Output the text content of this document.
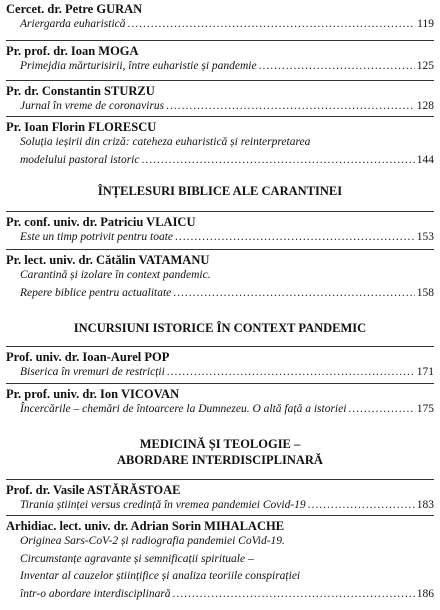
Cercet. dr. Petre GURAN
Ariergarda euharistică .....	119
Pr. prof. dr. Ioan MOGA
Primejdia mărturisirii, între euharistie și pandemie .....	125
Pr. dr. Constantin STURZU
Jurnal în vreme de coronavirus .....	128
Pr. Ioan Florin FLORESCU
Soluția ieșirii din criză: cateheza euharistică și reinterpretarea
modelului pastoral istoric .....	144
ÎNȚELESURI BIBLICE ALE CARANTINEI
Pr. conf. univ. dr. Patriciu VLAICU
Este un timp potrivit pentru toate .....	153
Pr. lect. univ. dr. Cătălin VATAMANU
Carantină și izolare în context pandemic.
Repere biblice pentru actualitate .....	158
INCURSIUNI ISTORICE ÎN CONTEXT PANDEMIC
Prof. univ. dr. Ioan-Aurel POP
Biserica în vremuri de restricții .....	171
Pr. prof. univ. dr. Ion VICOVAN
Încercările – chemări de întoarcere la Dumnezeu. O altă față a istoriei .....	175
MEDICINĂ ȘI TEOLOGIE –
ABORDARE INTERDISCIPLINARĂ
Prof. dr. Vasile ASTĂRĂSTOAE
Tirania științei versus credință în vremea pandemiei Covid-19 .....	183
Arhidiac. lect. univ. dr. Adrian Sorin MIHALACHE
Originea Sars-CoV-2 și radiografia pandemiei CoVid-19.
Circumstanțe agravante și semnificații spirituale –
Inventar al cauzelor științifice și analiza teoriile conspirației
într-o abordare interdisciplinară .....	186
